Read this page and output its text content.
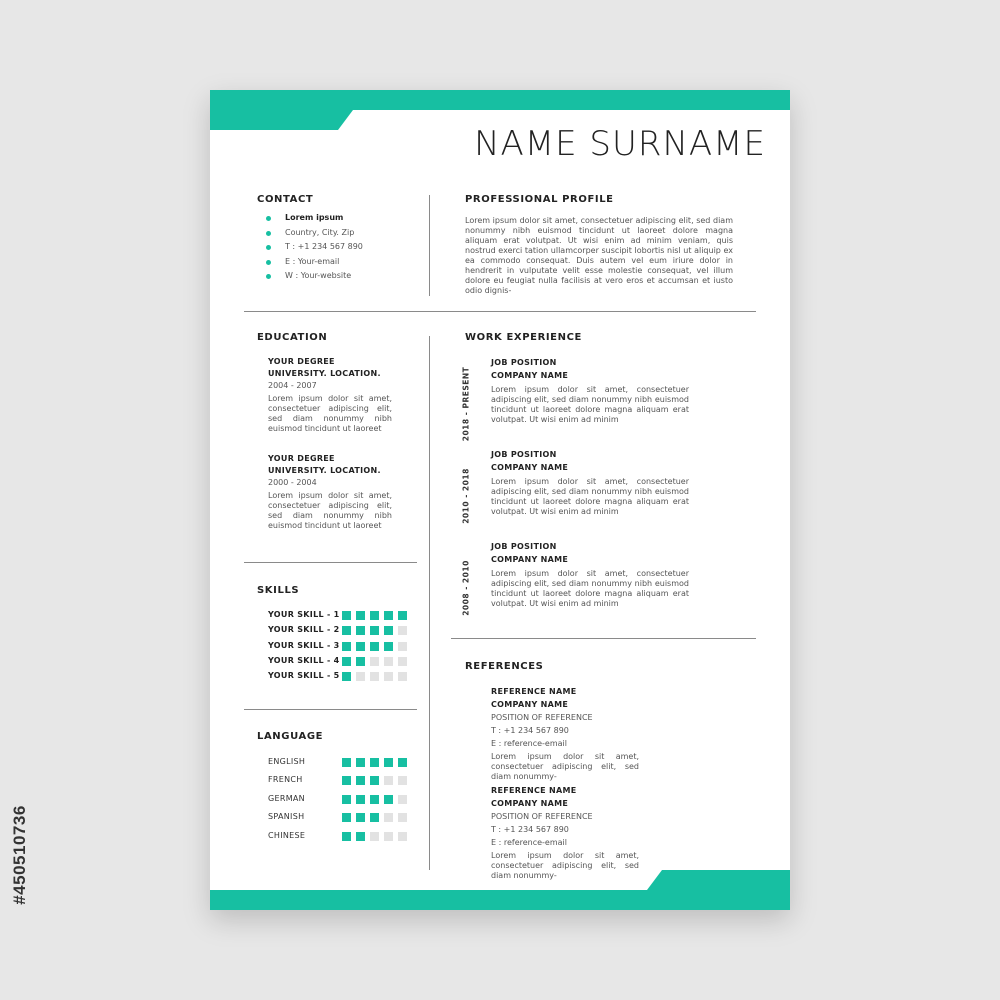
#450510736
NAME SURNAME
CONTACT
Lorem ipsum
Country, City. Zip
T : +1 234 567 890
E : Your-email
W : Your-website
PROFESSIONAL PROFILE

Lorem ipsum dolor sit amet, consectetuer adipiscing elit, sed diam nonummy nibh euismod tincidunt ut laoreet dolore magna aliquam erat volutpat. Ut wisi enim ad minim veniam, quis nostrud exerci tation ullamcorper suscipit lobortis nisl ut aliquip ex ea commodo consequat. Duis autem vel eum iriure dolor in hendrerit in vulputate velit esse molestie consequat, vel illum dolore eu feugiat nulla facilisis at vero eros et accumsan et iusto odio dignis-

EDUCATION
YOUR DEGREE
UNIVERSITY. LOCATION.
2004 - 2007

Lorem ipsum dolor sit amet, consectetuer adipiscing elit, sed diam nonummy nibh euismod tincidunt ut laoreet

YOUR DEGREE
UNIVERSITY. LOCATION.
2000 - 2004

Lorem ipsum dolor sit amet, consectetuer adipiscing elit, sed diam nonummy nibh euismod tincidunt ut laoreet

SKILLS
YOUR SKILL - 1
YOUR SKILL - 2
YOUR SKILL - 3
YOUR SKILL - 4
YOUR SKILL - 5
LANGUAGE
ENGLISH
FRENCH
GERMAN
SPANISH
CHINESE
WORK EXPERIENCE
2018 - PRESENT
JOB POSITION
COMPANY NAME

Lorem ipsum dolor sit amet, consectetuer adipiscing elit, sed diam nonummy nibh euismod tincidunt ut laoreet dolore magna aliquam erat volutpat. Ut wisi enim ad minim

2010 - 2018
JOB POSITION
COMPANY NAME

Lorem ipsum dolor sit amet, consectetuer adipiscing elit, sed diam nonummy nibh euismod tincidunt ut laoreet dolore magna aliquam erat volutpat. Ut wisi enim ad minim

2008 - 2010
JOB POSITION
COMPANY NAME

Lorem ipsum dolor sit amet, consectetuer adipiscing elit, sed diam nonummy nibh euismod tincidunt ut laoreet dolore magna aliquam erat volutpat. Ut wisi enim ad minim

REFERENCES
REFERENCE NAME
COMPANY NAME
POSITION OF REFERENCE
T : +1 234 567 890
E : reference-email

Lorem ipsum dolor sit amet, consectetuer adipiscing elit, sed diam nonummy-

REFERENCE NAME
COMPANY NAME
POSITION OF REFERENCE
T : +1 234 567 890
E : reference-email

Lorem ipsum dolor sit amet, consectetuer adipiscing elit, sed diam nonummy-
